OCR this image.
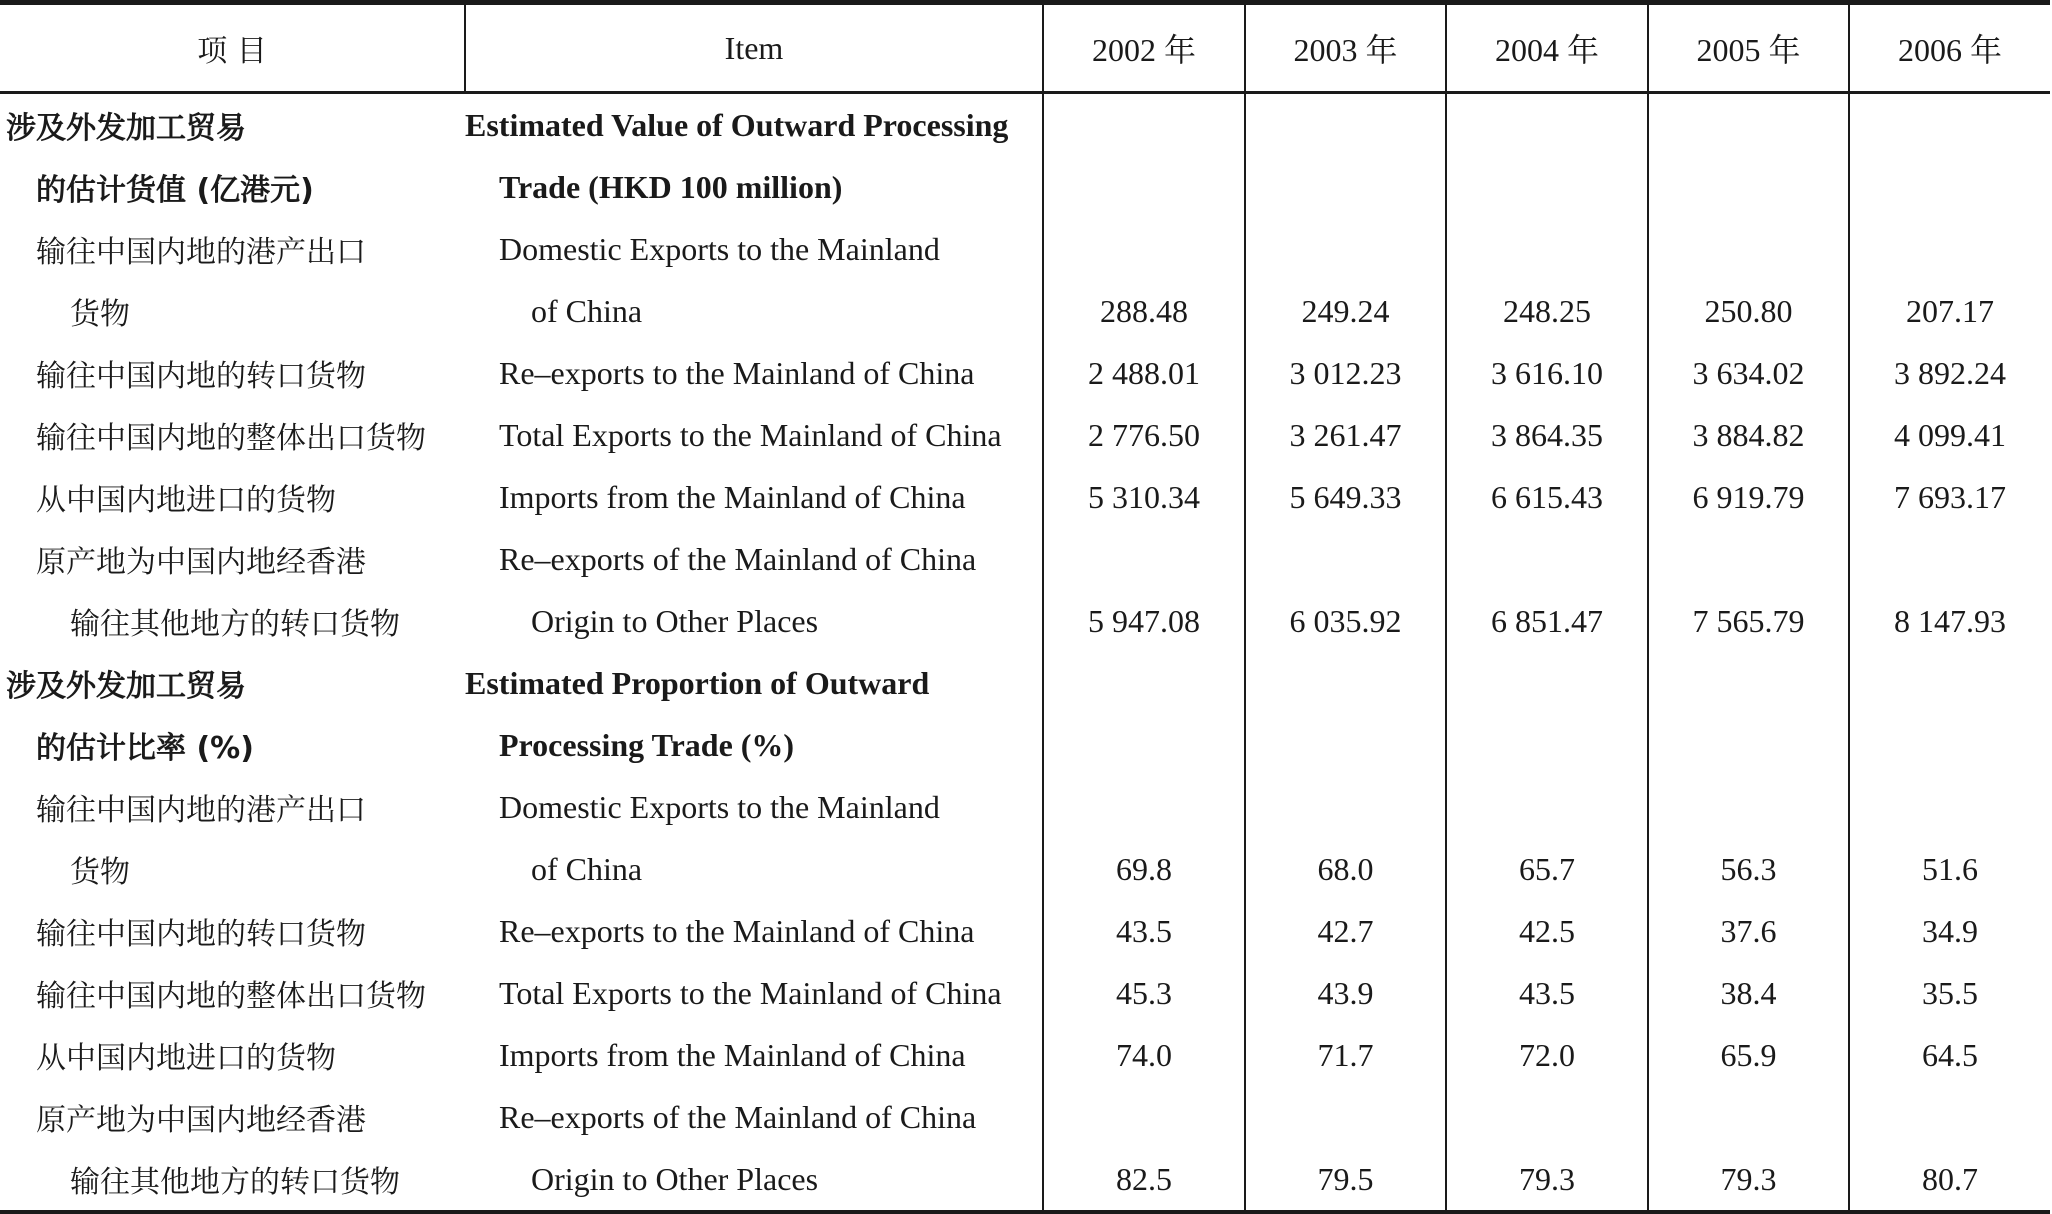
项 目	Item	2002 年	2003 年	2004 年	2005 年	2006 年
涉及外发加工贸易	Estimated Value of Outward Processing					
的估计货值 (亿港元)	Trade (HKD 100 million)					
输往中国内地的港产出口	Domestic Exports to the Mainland					
货物	of China	288.48	249.24	248.25	250.80	207.17
输往中国内地的转口货物	Re–exports to the Mainland of China	2 488.01	3 012.23	3 616.10	3 634.02	3 892.24
输往中国内地的整体出口货物	Total Exports to the Mainland of China	2 776.50	3 261.47	3 864.35	3 884.82	4 099.41
从中国内地进口的货物	Imports from the Mainland of China	5 310.34	5 649.33	6 615.43	6 919.79	7 693.17
原产地为中国内地经香港	Re–exports of the Mainland of China					
输往其他地方的转口货物	Origin to Other Places	5 947.08	6 035.92	6 851.47	7 565.79	8 147.93
涉及外发加工贸易	Estimated Proportion of Outward					
的估计比率 (%)	Processing Trade (%)					
输往中国内地的港产出口	Domestic Exports to the Mainland					
货物	of China	69.8	68.0	65.7	56.3	51.6
输往中国内地的转口货物	Re–exports to the Mainland of China	43.5	42.7	42.5	37.6	34.9
输往中国内地的整体出口货物	Total Exports to the Mainland of China	45.3	43.9	43.5	38.4	35.5
从中国内地进口的货物	Imports from the Mainland of China	74.0	71.7	72.0	65.9	64.5
原产地为中国内地经香港	Re–exports of the Mainland of China					
输往其他地方的转口货物	Origin to Other Places	82.5	79.5	79.3	79.3	80.7
